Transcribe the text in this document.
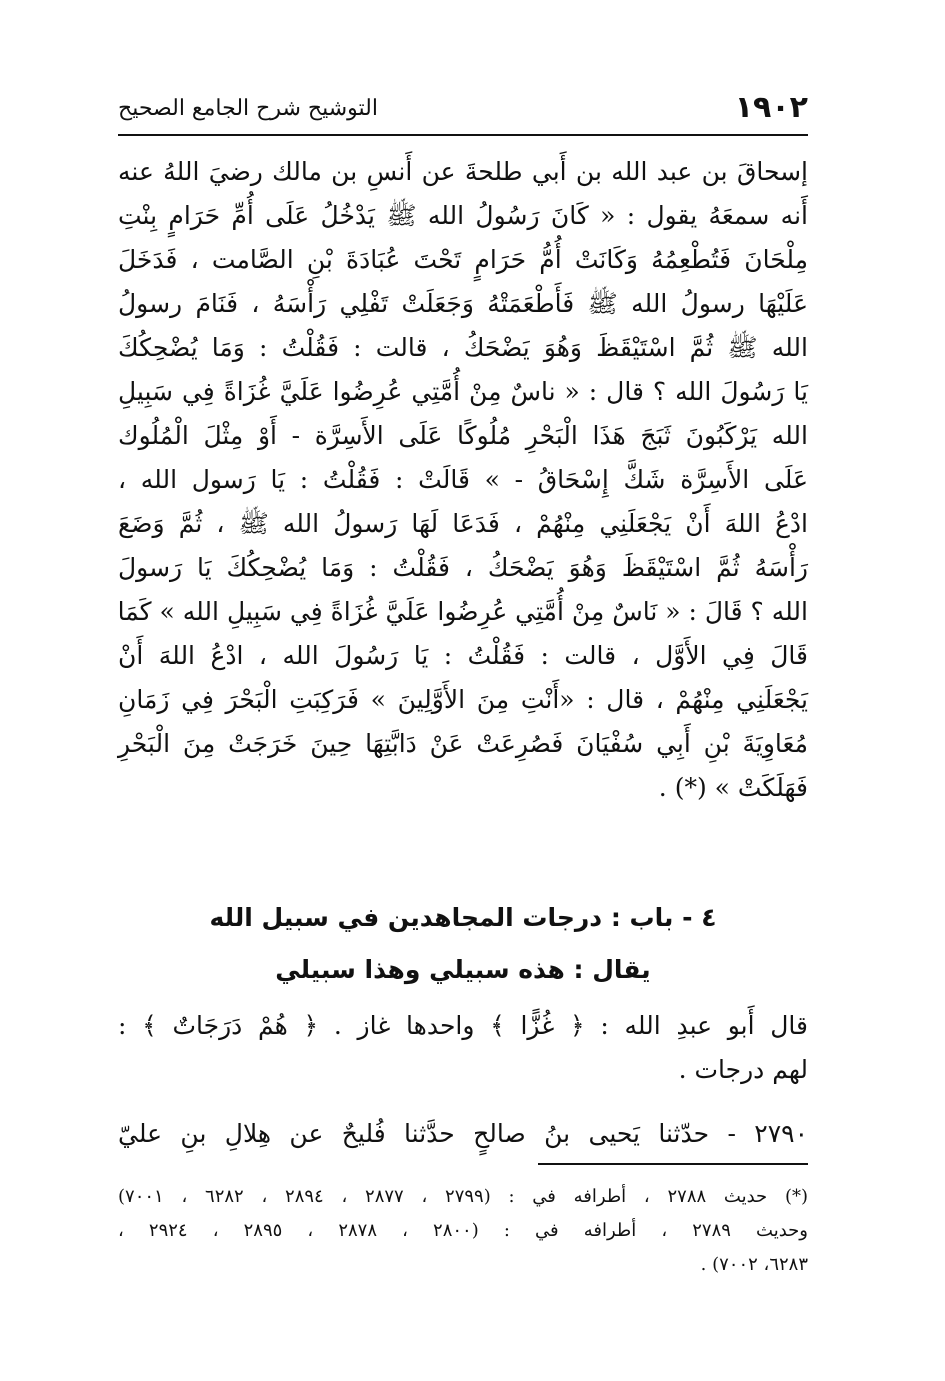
١٩٠٢
التوشيح شرح الجامع الصحيح
إسحاقَ بن عبد الله بن أَبي طلحةَ عن أَنسِ بن مالك رضيَ اللهُ عنه
أَنه سمعَهُ يقول : « كَانَ رَسُولُ الله ﷺ يَدْخُلُ عَلَى أُمِّ حَرَامٍ بِنْتِ
مِلْحَانَ فَتُطْعِمُهُ وَكَانَتْ أُمُّ حَرَامٍ تَحْتَ عُبَادَةَ بْنِ الصَّامت ، فَدَخَلَ
عَلَيْهَا رسولُ الله ﷺ فَأَطْعَمَتْهُ وَجَعَلَتْ تَفْلِي رَأْسَهُ ، فَنَامَ رسولُ
الله ﷺ ثُمَّ اسْتَيْقَظَ وَهُوَ يَضْحَكُ ، قالت : فَقُلْتُ : وَمَا يُضْحِكُكَ
يَا رَسُولَ الله ؟ قال : « ناسٌ مِنْ أُمَّتِي عُرِضُوا عَلَيَّ غُزَاةً فِي سَبِيلِ
الله يَرْكَبُونَ ثَبَجَ هَذَا الْبَحْرِ مُلُوكًا عَلَى الأَسِرَّة - أَوْ مِثْلَ الْمُلُوك
عَلَى الأَسِرَّة شَكَّ إِسْحَاقُ - » قَالَتْ : فَقُلْتُ : يَا رَسول الله ،
ادْعُ اللهَ أَنْ يَجْعَلَنِي مِنْهُمْ ، فَدَعَا لَهَا رَسولُ الله ﷺ ، ثُمَّ وَضَعَ
رَأْسَهُ ثُمَّ اسْتَيْقَظَ وَهُوَ يَضْحَكُ ، فَقُلْتُ : وَمَا يُضْحِكُكَ يَا رَسولَ
الله ؟ قَالَ : « نَاسٌ مِنْ أُمَّتِي عُرِضُوا عَلَيَّ غُزَاةً فِي سَبِيلِ الله » كَمَا
قَالَ فِي الأَوَّل ، قالت : فَقُلْتُ : يَا رَسُولَ الله ، ادْعُ اللهَ أَنْ
يَجْعَلَنِي مِنْهُمْ ، قال : «أَنْتِ مِنَ الأَوَّلِينَ » فَرَكِبَتِ الْبَحْرَ فِي زَمَانِ
مُعَاوِيَةَ بْنِ أَبِي سُفْيَانَ فَصُرِعَتْ عَنْ دَابَّتِهَا حِينَ خَرَجَتْ مِنَ الْبَحْرِ
فَهَلَكَتْ » (*) .
٤ - باب : درجات المجاهدين في سبيل الله
يقال : هذه سبيلي وهذا سبيلي
قال أَبو عبدِ الله : ﴿ غُزًّا ﴾ واحدها غاز . ﴿ هُمْ دَرَجَاتٌ ﴾ :
لهم درجات .
٢٧٩٠ - حدّثنا يَحيى بنُ صالحٍ حدَّثنا فُليحٌ عن هِلالِ بنِ عليّ
(*) حديث ٢٧٨٨ ، أطرافه في : (٢٧٩٩ ، ٢٨٧٧ ، ٢٨٩٤ ، ٦٢٨٢ ، ٧٠٠١)
وحديث ٢٧٨٩ ، أطرافه في : (٢٨٠٠ ، ٢٨٧٨ ، ٢٨٩٥ ، ٢٩٢٤ ،
٦٢٨٣، ٧٠٠٢) .
